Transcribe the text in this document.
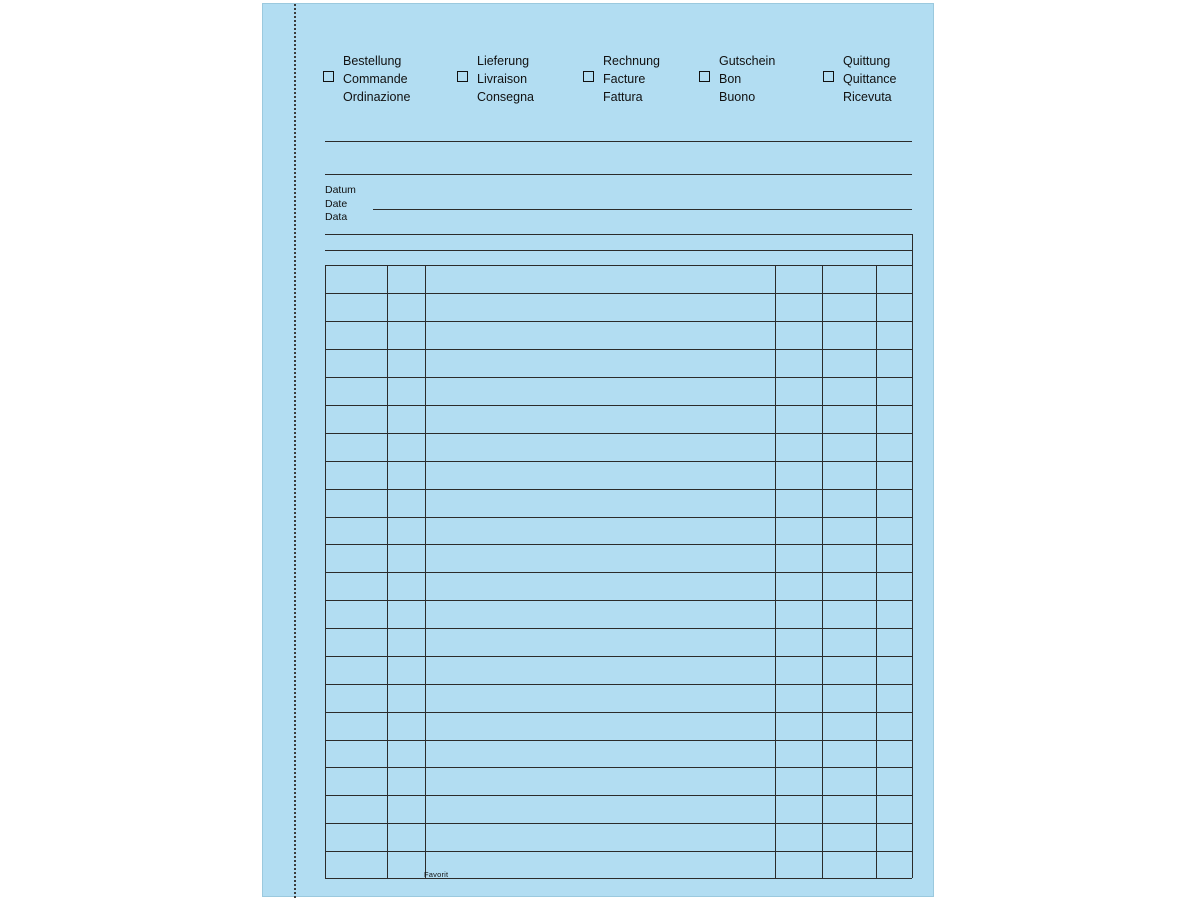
Bestellung
Commande
Ordinazione
Lieferung
Livraison
Consegna
Rechnung
Facture
Fattura
Gutschein
Bon
Buono
Quittung
Quittance
Ricevuta
Datum
Date
Data
Favorit
